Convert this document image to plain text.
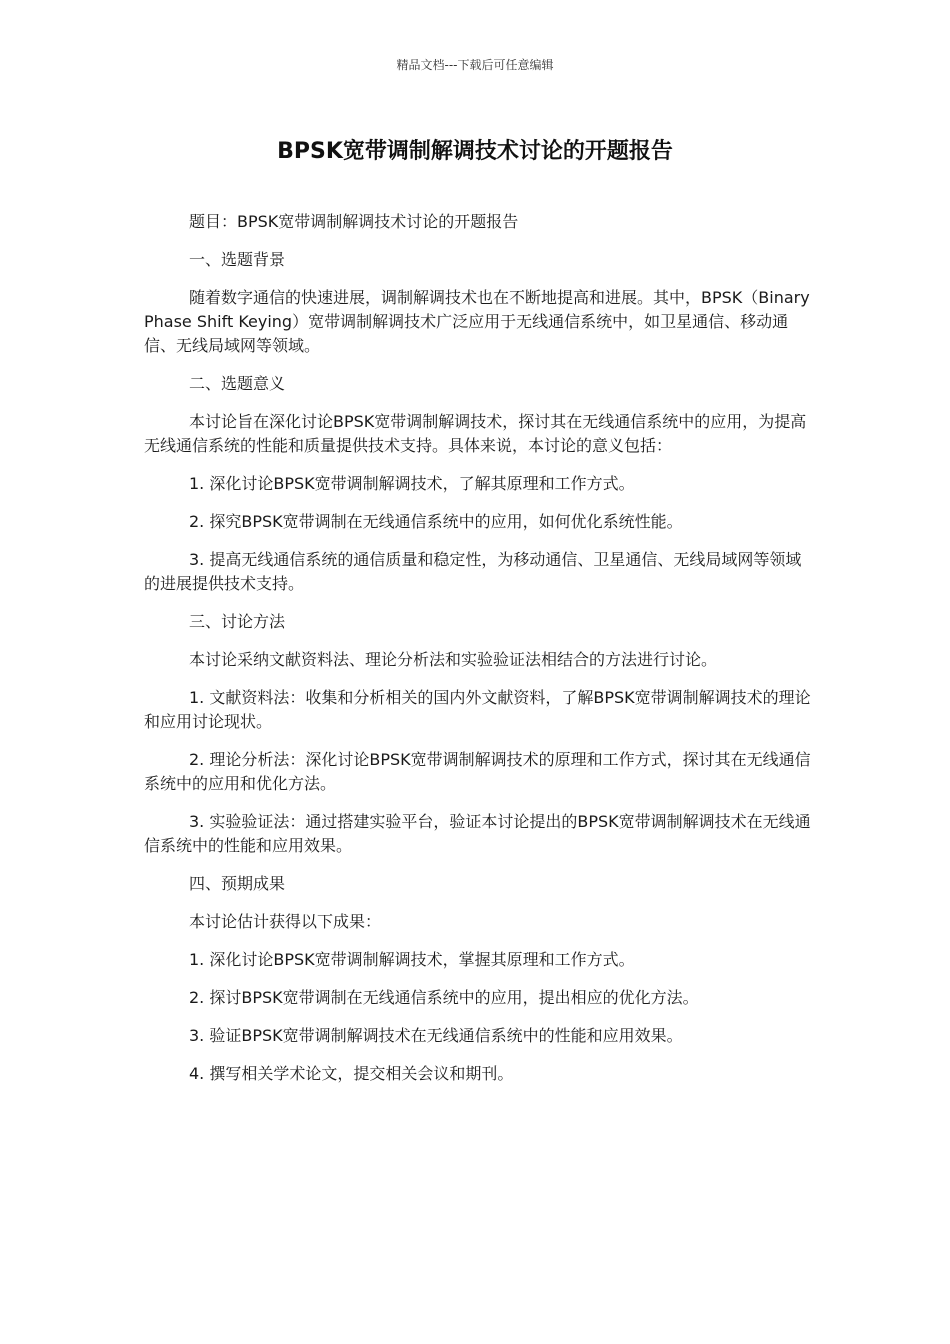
精品文档---下载后可任意编辑
BPSK宽带调制解调技术讨论的开题报告

题目：BPSK宽带调制解调技术讨论的开题报告

一、选题背景

随着数字通信的快速进展，调制解调技术也在不断地提高和进展。其中，BPSK（Binary Phase Shift Keying）宽带调制解调技术广泛应用于无线通信系统中，如卫星通信、移动通信、无线局域网等领域。

二、选题意义

本讨论旨在深化讨论BPSK宽带调制解调技术，探讨其在无线通信系统中的应用，为提高无线通信系统的性能和质量提供技术支持。具体来说，本讨论的意义包括：

1. 深化讨论BPSK宽带调制解调技术，了解其原理和工作方式。

2. 探究BPSK宽带调制在无线通信系统中的应用，如何优化系统性能。

3. 提高无线通信系统的通信质量和稳定性，为移动通信、卫星通信、无线局域网等领域的进展提供技术支持。

三、讨论方法

本讨论采纳文献资料法、理论分析法和实验验证法相结合的方法进行讨论。

1. 文献资料法：收集和分析相关的国内外文献资料，了解BPSK宽带调制解调技术的理论和应用讨论现状。

2. 理论分析法：深化讨论BPSK宽带调制解调技术的原理和工作方式，探讨其在无线通信系统中的应用和优化方法。

3. 实验验证法：通过搭建实验平台，验证本讨论提出的BPSK宽带调制解调技术在无线通信系统中的性能和应用效果。

四、预期成果

本讨论估计获得以下成果：

1. 深化讨论BPSK宽带调制解调技术，掌握其原理和工作方式。

2. 探讨BPSK宽带调制在无线通信系统中的应用，提出相应的优化方法。

3. 验证BPSK宽带调制解调技术在无线通信系统中的性能和应用效果。

4. 撰写相关学术论文，提交相关会议和期刊。
